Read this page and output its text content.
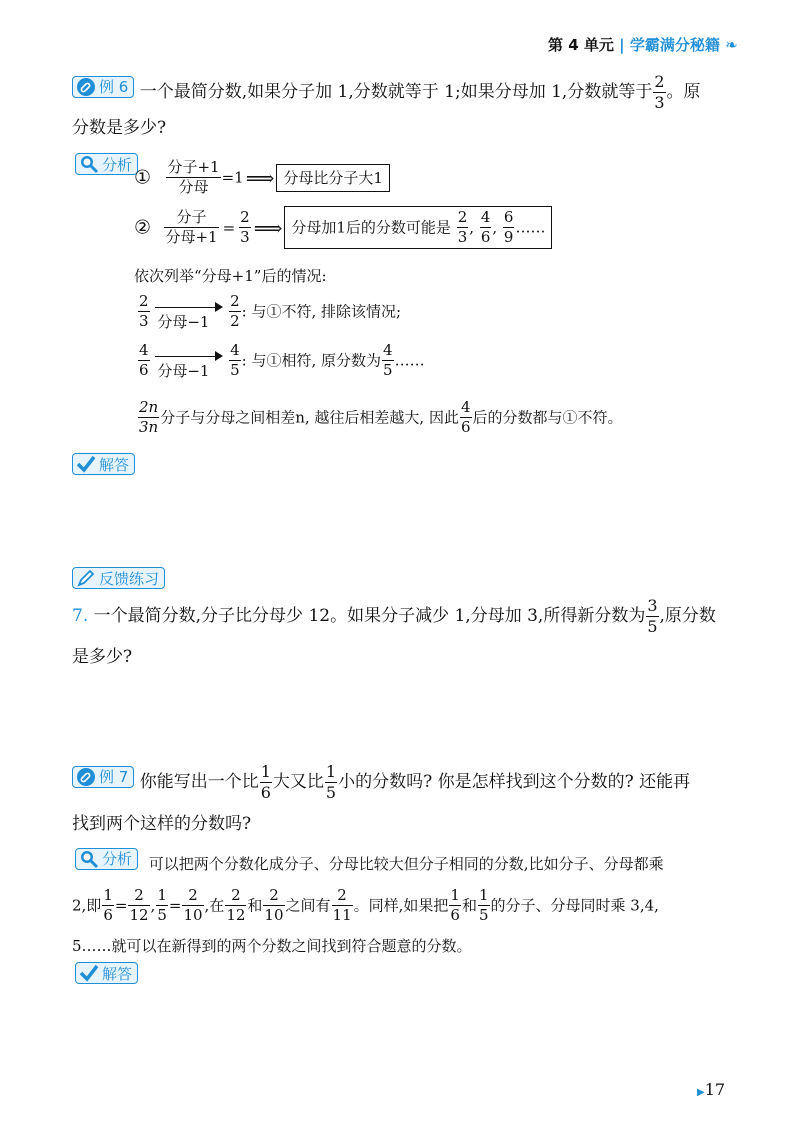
第 4 单元 | 学霸满分秘籍 ❧
例 6 一个最简分数,如果分子加 1,分数就等于 1;如果分母加 1,分数就等于 $\frac{2}{3}$ 。原
分数是多少?
分析
① $\frac{\text{分子+1}}{\text{分母}} =1$ ⟹ 分母比分子大1
② $\frac{\text{分子}}{\text{分母+1}} = \frac{2}{3}$ ⟹ 分母加1后的分数可能是 $\frac{2}{3}$ , $\frac{4}{6}$ , $\frac{6}{9}$ ……
依次列举“分母+1”后的情况:
$\frac{2}{3}$
分母−1
$\frac{2}{2}$ : 与①不符, 排除该情况;
$\frac{4}{6}$
分母−1
$\frac{4}{5}$ : 与①相符, 原分数为 $\frac{4}{5}$ ……
$\frac{2n}{3n}$ 分子与分母之间相差n, 越往后相差越大, 因此 $\frac{4}{6}$ 后的分数都与①不符。
解答
反馈练习
7. 一个最简分数,分子比分母少 12。如果分子减少 1,分母加 3,所得新分数为 $\frac{3}{5}$ ,原分数
是多少?
例 7 你能写出一个比 $\frac{1}{6}$ 大又比 $\frac{1}{5}$ 小的分数吗? 你是怎样找到这个分数的? 还能再
找到两个这样的分数吗?
分析 可以把两个分数化成分子、分母比较大但分子相同的分数,比如分子、分母都乘
2,即 $\frac{1}{6} = \frac{2}{12}$ , $\frac{1}{5} = \frac{2}{10}$ ,在 $\frac{2}{12}$ 和 $\frac{2}{10}$ 之间有 $\frac{2}{11}$ 。同样,如果把 $\frac{1}{6}$ 和 $\frac{1}{5}$ 的分子、分母同时乘 3,4,
5……就可以在新得到的两个分数之间找到符合题意的分数。
解答
▶17
